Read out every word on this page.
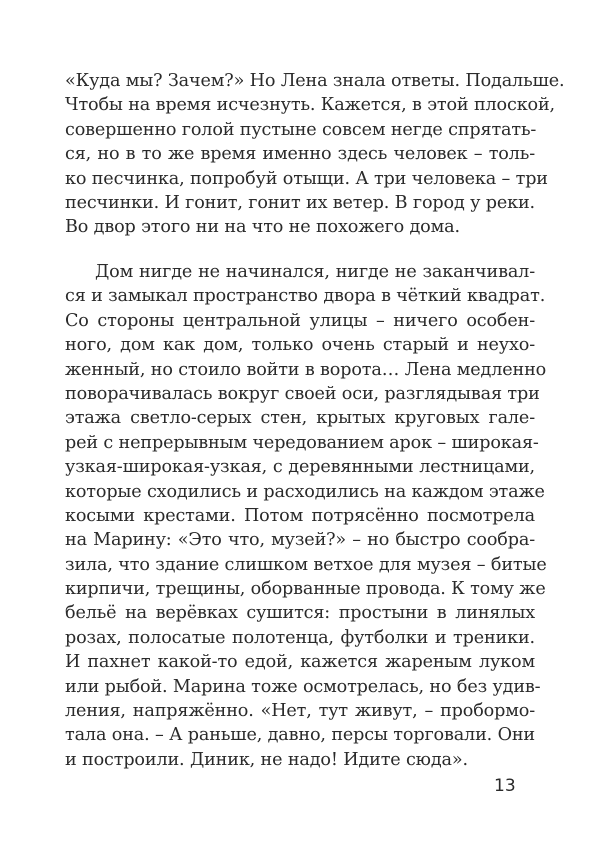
«Куда мы? Зачем?» Но Лена знала ответы. Подальше.
Чтобы на время исчезнуть. Кажется, в этой плоской,
совершенно голой пустыне совсем негде спрятать-
ся, но в то же время именно здесь человек – толь-
ко песчинка, попробуй отыщи. А три человека – три
песчинки. И гонит, гонит их ветер. В город у реки.
Во двор этого ни на что не похожего дома.
Дом нигде не начинался, нигде не заканчивал-
ся и замыкал пространство двора в чёткий квадрат.
Со стороны центральной улицы – ничего особен-
ного, дом как дом, только очень старый и неухо-
женный, но стоило войти в ворота… Лена медленно
поворачивалась вокруг своей оси, разглядывая три
этажа светло-серых стен, крытых круговых гале-
рей с непрерывным чередованием арок – широкая-
узкая-широкая-узкая, с деревянными лестницами,
которые сходились и расходились на каждом этаже
косыми крестами. Потом потрясённо посмотрела
на Марину: «Это что, музей?» – но быстро сообра-
зила, что здание слишком ветхое для музея – битые
кирпичи, трещины, оборванные провода. К тому же
бельё на верёвках сушится: простыни в линялых
розах, полосатые полотенца, футболки и треники.
И пахнет какой-то едой, кажется жареным луком
или рыбой. Марина тоже осмотрелась, но без удив-
ления, напряжённо. «Нет, тут живут, – пробормо-
тала она. – А раньше, давно, персы торговали. Они
и построили. Диник, не надо! Идите сюда».
13
